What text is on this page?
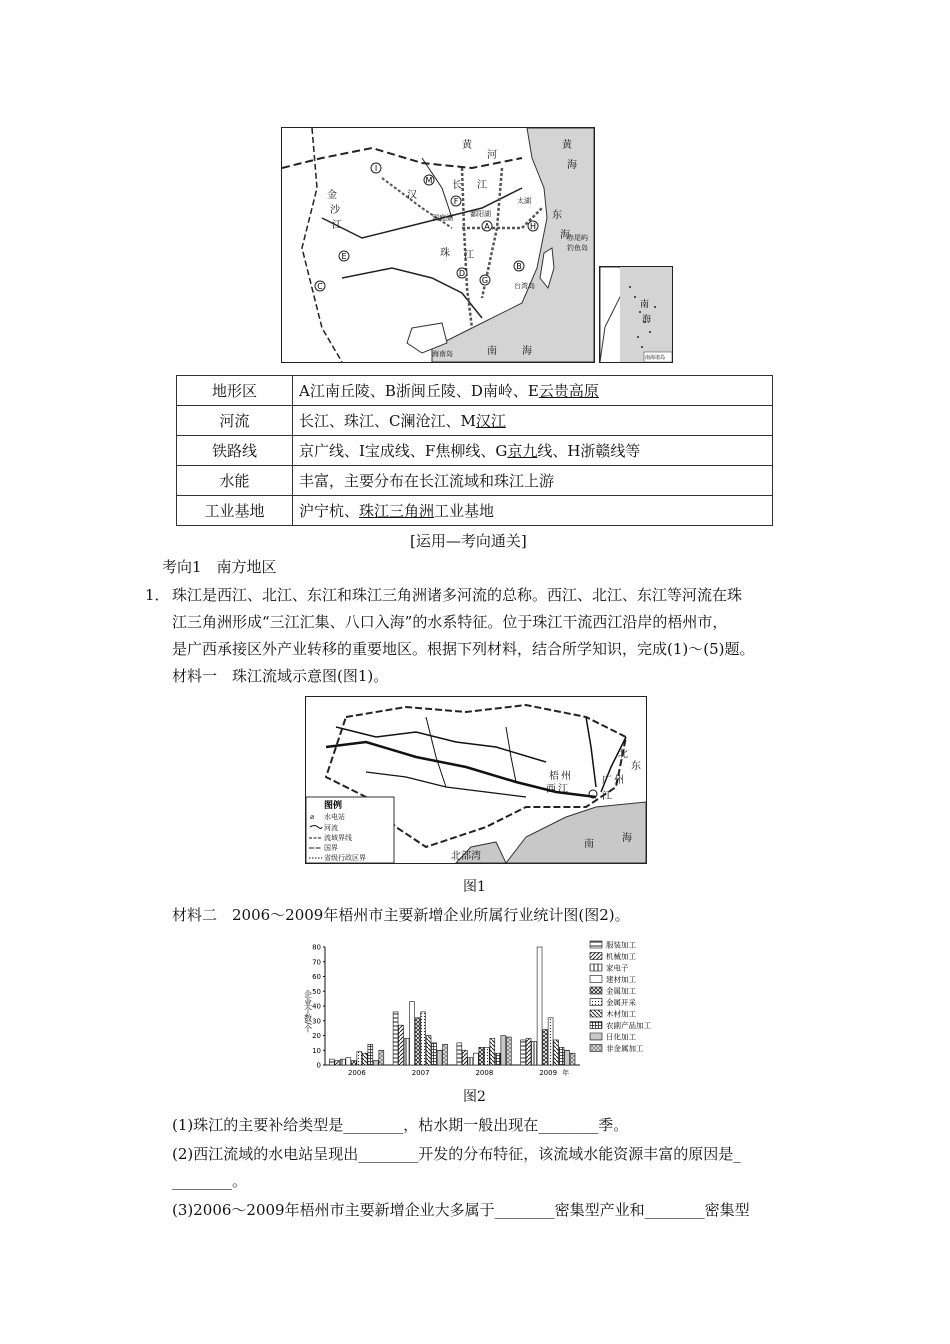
A
B
C
D
E
F
G
H
I
M
河
黄	黄
海
长 江
东
海
珠 江
南	海
金
沙
江
汉
台湾岛
海南岛
鄱阳湖
洞庭湖
太湖
钓鱼岛
赤尾屿
南
海
南海诸岛
地形区	A江南丘陵、B浙闽丘陵、D南岭、E云贵高原
河流	长江、珠江、C澜沧江、M汉江
铁路线	京广线、I宝成线、F焦柳线、G京九线、H浙赣线等
水能	丰富，主要分布在长江流域和珠江上游
工业基地	沪宁杭、珠江三角洲工业基地
[运用—考向通关]
考向1　南方地区
1． 珠江是西江、北江、东江和珠江三角洲诸多河流的总称。西江、北江、东江等河流在珠
江三角洲形成“三江汇集、八口入海”的水系特征。位于珠江干流西江沿岸的梧州市，
是广西承接区外产业转移的重要地区。根据下列材料，结合所学知识，完成(1)～(5)题。
材料一　珠江流域示意图(图1)。
梧 州
西 江
北
东
广 州
江
南
海
北部湾
图例
⌀ 水电站
河流
流域界线
国界
省级行政区界
图1
材料二　2006～2009年梧州市主要新增企业所属行业统计图(图2)。
0
10
20
30
40
50
60
70
80
企业个数/个
2006	2007	2008	2009 年
服装加工
机械加工
家电子
建材加工
金属加工
金属开采
木材加工
农副产品加工
日化加工
非金属加工
图2
(1)珠江的主要补给类型是________，枯水期一般出现在________季。
(2)西江流域的水电站呈现出________开发的分布特征，该流域水能资源丰富的原因是_
________。
(3)2006～2009年梧州市主要新增企业大多属于________密集型产业和________密集型
